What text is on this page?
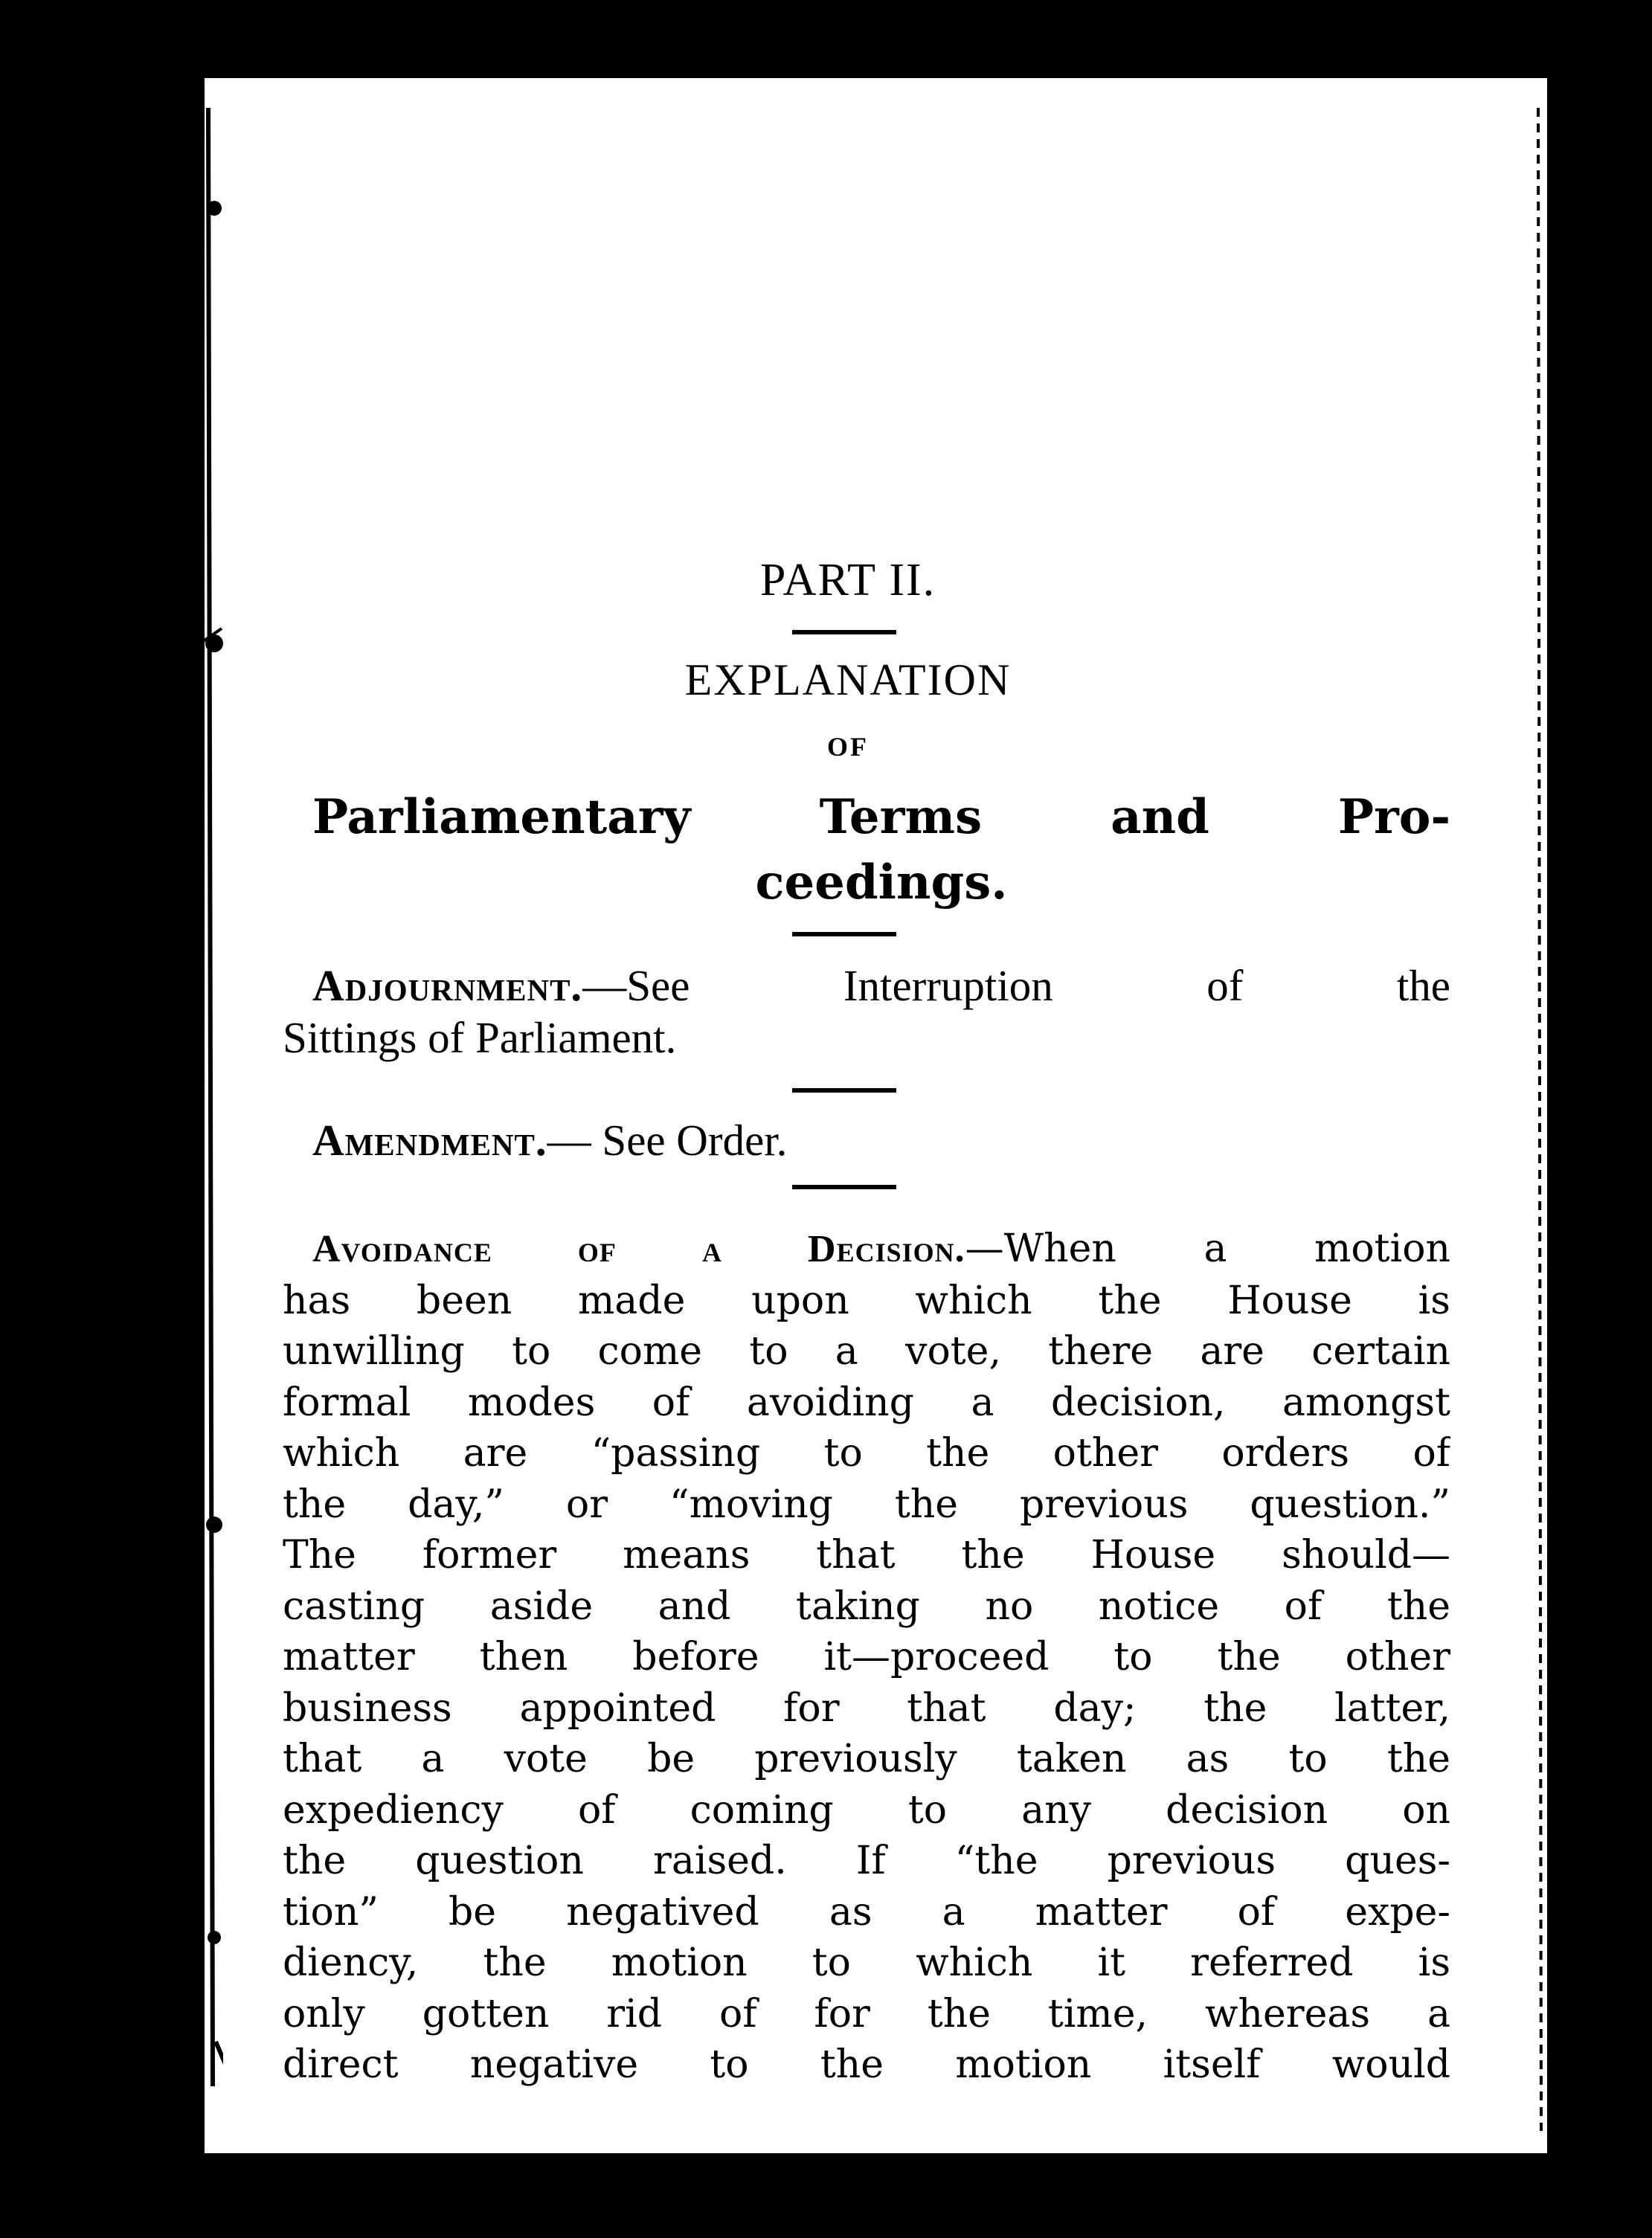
PART II.
EXPLANATION
OF
Parliamentary Terms and Pro-
ceedings.
Adjournment.—See Interruption of the
Sittings of Parliament.
Amendment.— See Order.
Avoidance of a Decision.—When a motion
has been made upon which the House is
unwilling to come to a vote, there are certain
formal modes of avoiding a decision, amongst
which are “passing to the other orders of
the day,” or “moving the previous question.”
The former means that the House should—
casting aside and taking no notice of the
matter then before it—proceed to the other
business appointed for that day; the latter,
that a vote be previously taken as to the
expediency of coming to any decision on
the question raised. If “the previous ques-
tion” be negatived as a matter of expe-
diency, the motion to which it referred is
only gotten rid of for the time, whereas a
direct negative to the motion itself would
